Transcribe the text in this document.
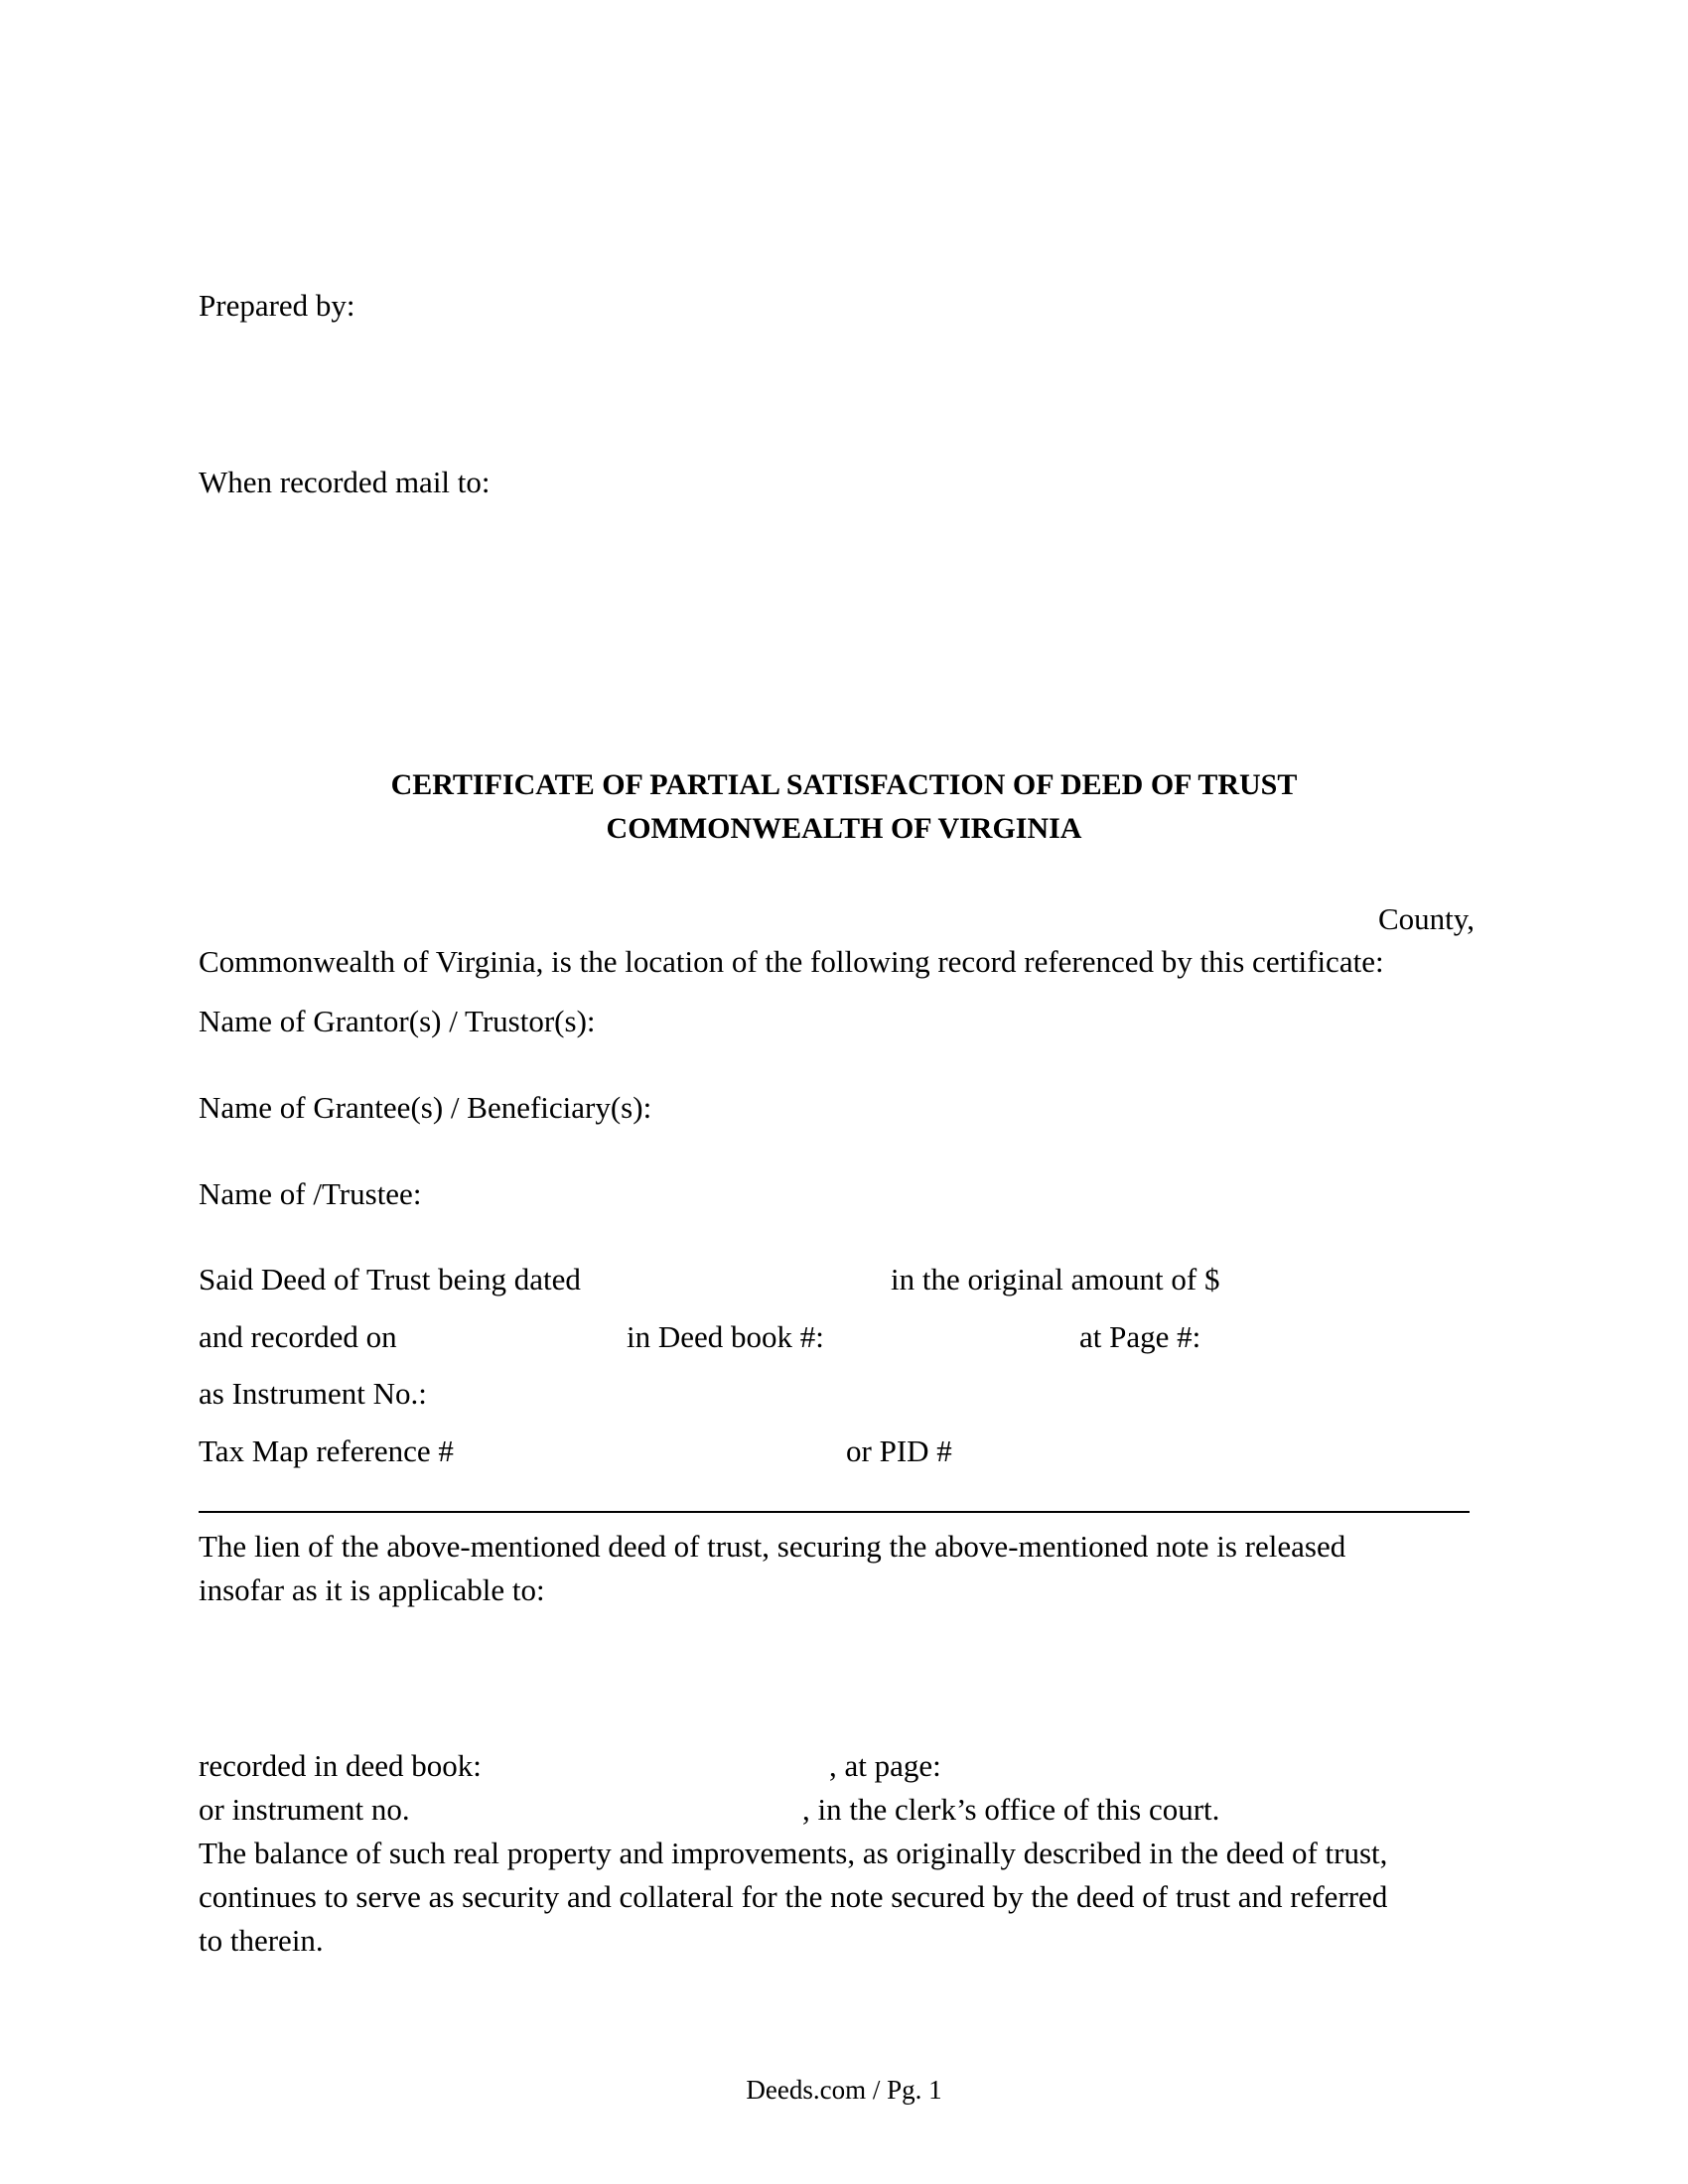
Prepared by:
When recorded mail to:
CERTIFICATE OF PARTIAL SATISFACTION OF DEED OF TRUST
COMMONWEALTH OF VIRGINIA
County,
Commonwealth of Virginia, is the location of the following record referenced by this certificate:
Name of Grantor(s) / Trustor(s):
Name of Grantee(s) / Beneficiary(s):
Name of /Trustee:
Said Deed of Trust being dated	in the original amount of $
and recorded on	in Deed book #:	at Page #:
as Instrument No.:
Tax Map reference #	or PID #
The lien of the above-mentioned deed of trust, securing the above-mentioned note is released
insofar as it is applicable to:
recorded in deed book:	, at page:
or instrument no.	, in the clerk’s office of this court.
The balance of such real property and improvements, as originally described in the deed of trust,
continues to serve as security and collateral for the note secured by the deed of trust and referred
to therein.
Deeds.com / Pg. 1
